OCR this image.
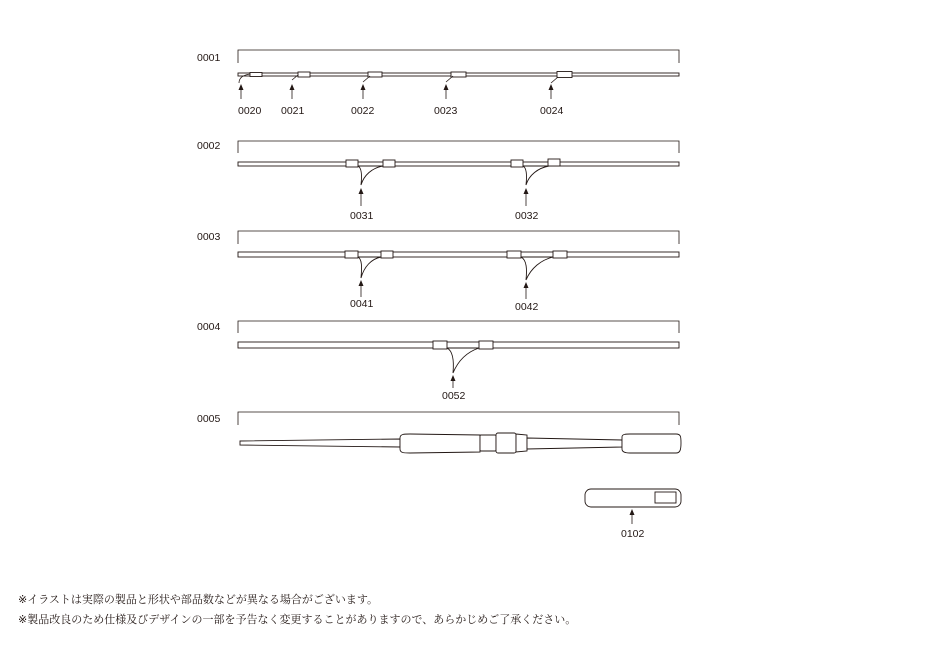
0001
0020 0021	0022	0023	0024
0002
0031	0032
0003
0041	0042
0004
0052
0005
0102
※イラストは実際の製品と形状や部品数などが異なる場合がございます。
※製品改良のため仕様及びデザインの一部を予告なく変更することがありますので、あらかじめご了承ください。
